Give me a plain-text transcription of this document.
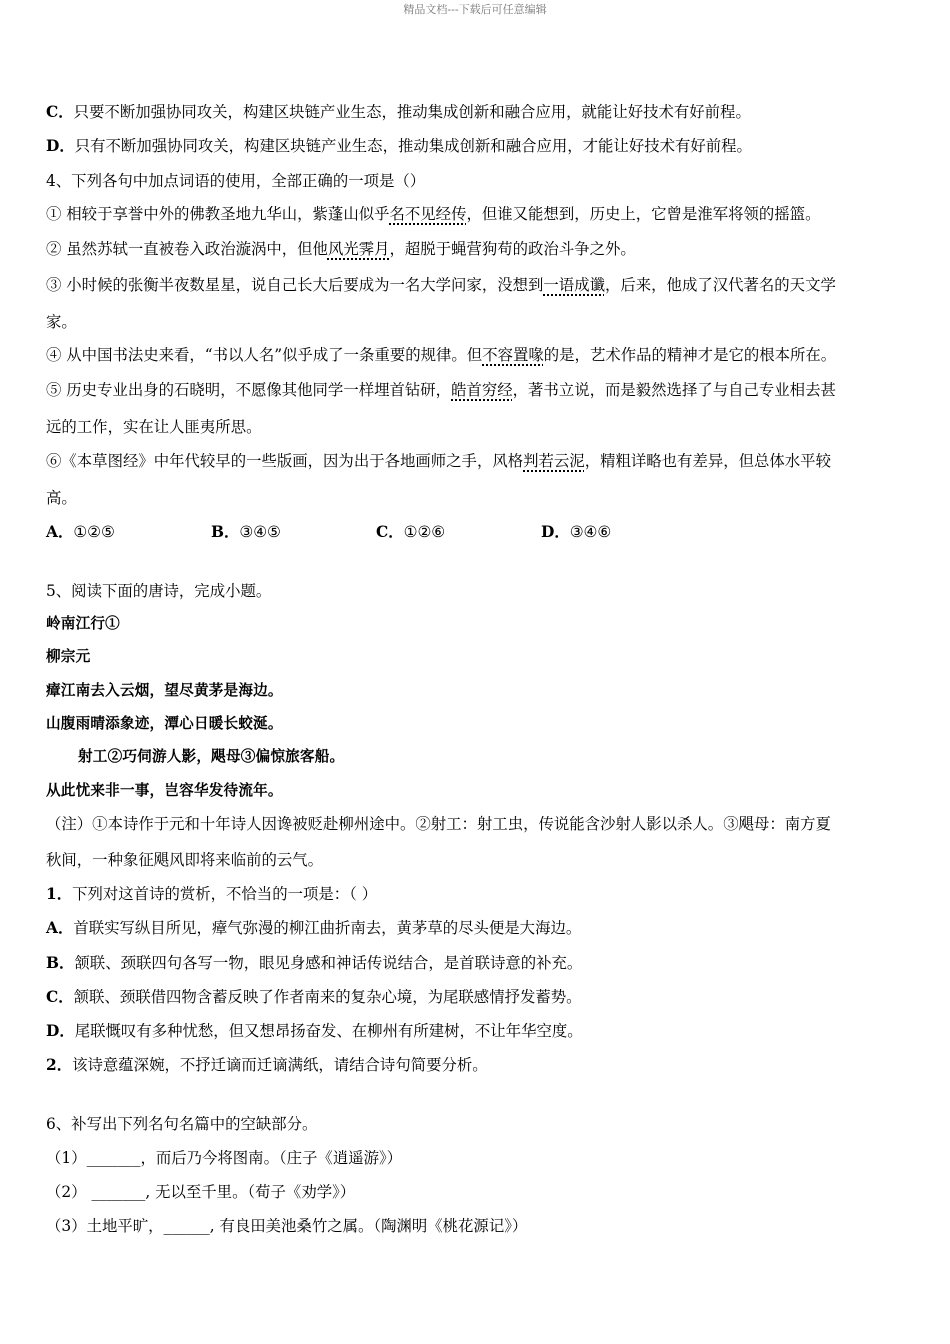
精品文档---下载后可任意编辑
C．只要不断加强协同攻关，构建区块链产业生态，推动集成创新和融合应用，就能让好技术有好前程。
D．只有不断加强协同攻关，构建区块链产业生态，推动集成创新和融合应用，才能让好技术有好前程。
4、下列各句中加点词语的使用，全部正确的一项是（）
① 相较于享誉中外的佛教圣地九华山，紫蓬山似乎名不见经传，但谁又能想到，历史上，它曾是淮军将领的摇篮。
② 虽然苏轼一直被卷入政治漩涡中，但他风光霁月，超脱于蝇营狗苟的政治斗争之外。
③ 小时候的张衡半夜数星星，说自己长大后要成为一名大学问家，没想到一语成谶，后来，他成了汉代著名的天文学
家。
④ 从中国书法史来看，“书以人名”似乎成了一条重要的规律。但不容置喙的是，艺术作品的精神才是它的根本所在。
⑤ 历史专业出身的石晓明，不愿像其他同学一样埋首钻研，皓首穷经，著书立说，而是毅然选择了与自己专业相去甚
远的工作，实在让人匪夷所思。
⑥《本草图经》中年代较早的一些版画，因为出于各地画师之手，风格判若云泥，精粗详略也有差异，但总体水平较
高。
A．①②⑤	B．③④⑤	C．①②⑥	D．③④⑥
5、阅读下面的唐诗，完成小题。
岭南江行①
柳宗元
瘴江南去入云烟，望尽黄茅是海边。
山腹雨晴添象迹，潭心日暖长蛟涎。
射工②巧伺游人影，飓母③偏惊旅客船。
从此忧来非一事，岂容华发待流年。
（注）①本诗作于元和十年诗人因谗被贬赴柳州途中。②射工：射工虫，传说能含沙射人影以杀人。③飓母：南方夏
秋间，一种象征飓风即将来临前的云气。
1．下列对这首诗的赏析，不恰当的一项是：（ ）
A．首联实写纵目所见，瘴气弥漫的柳江曲折南去，黄茅草的尽头便是大海边。
B．颔联、颈联四句各写一物，眼见身感和神话传说结合，是首联诗意的补充。
C．颔联、颈联借四物含蓄反映了作者南来的复杂心境，为尾联感情抒发蓄势。
D．尾联慨叹有多种忧愁，但又想昂扬奋发、在柳州有所建树，不让年华空度。
2．该诗意蕴深婉，不抒迁谪而迁谪满纸，请结合诗句简要分析。
6、补写出下列名句名篇中的空缺部分。
（1）_______，而后乃今将图南。（庄子《逍遥游》）
（2） _______, 无以至千里。（荀子《劝学》）
（3）土地平旷，______, 有良田美池桑竹之属。（陶渊明《桃花源记》）
